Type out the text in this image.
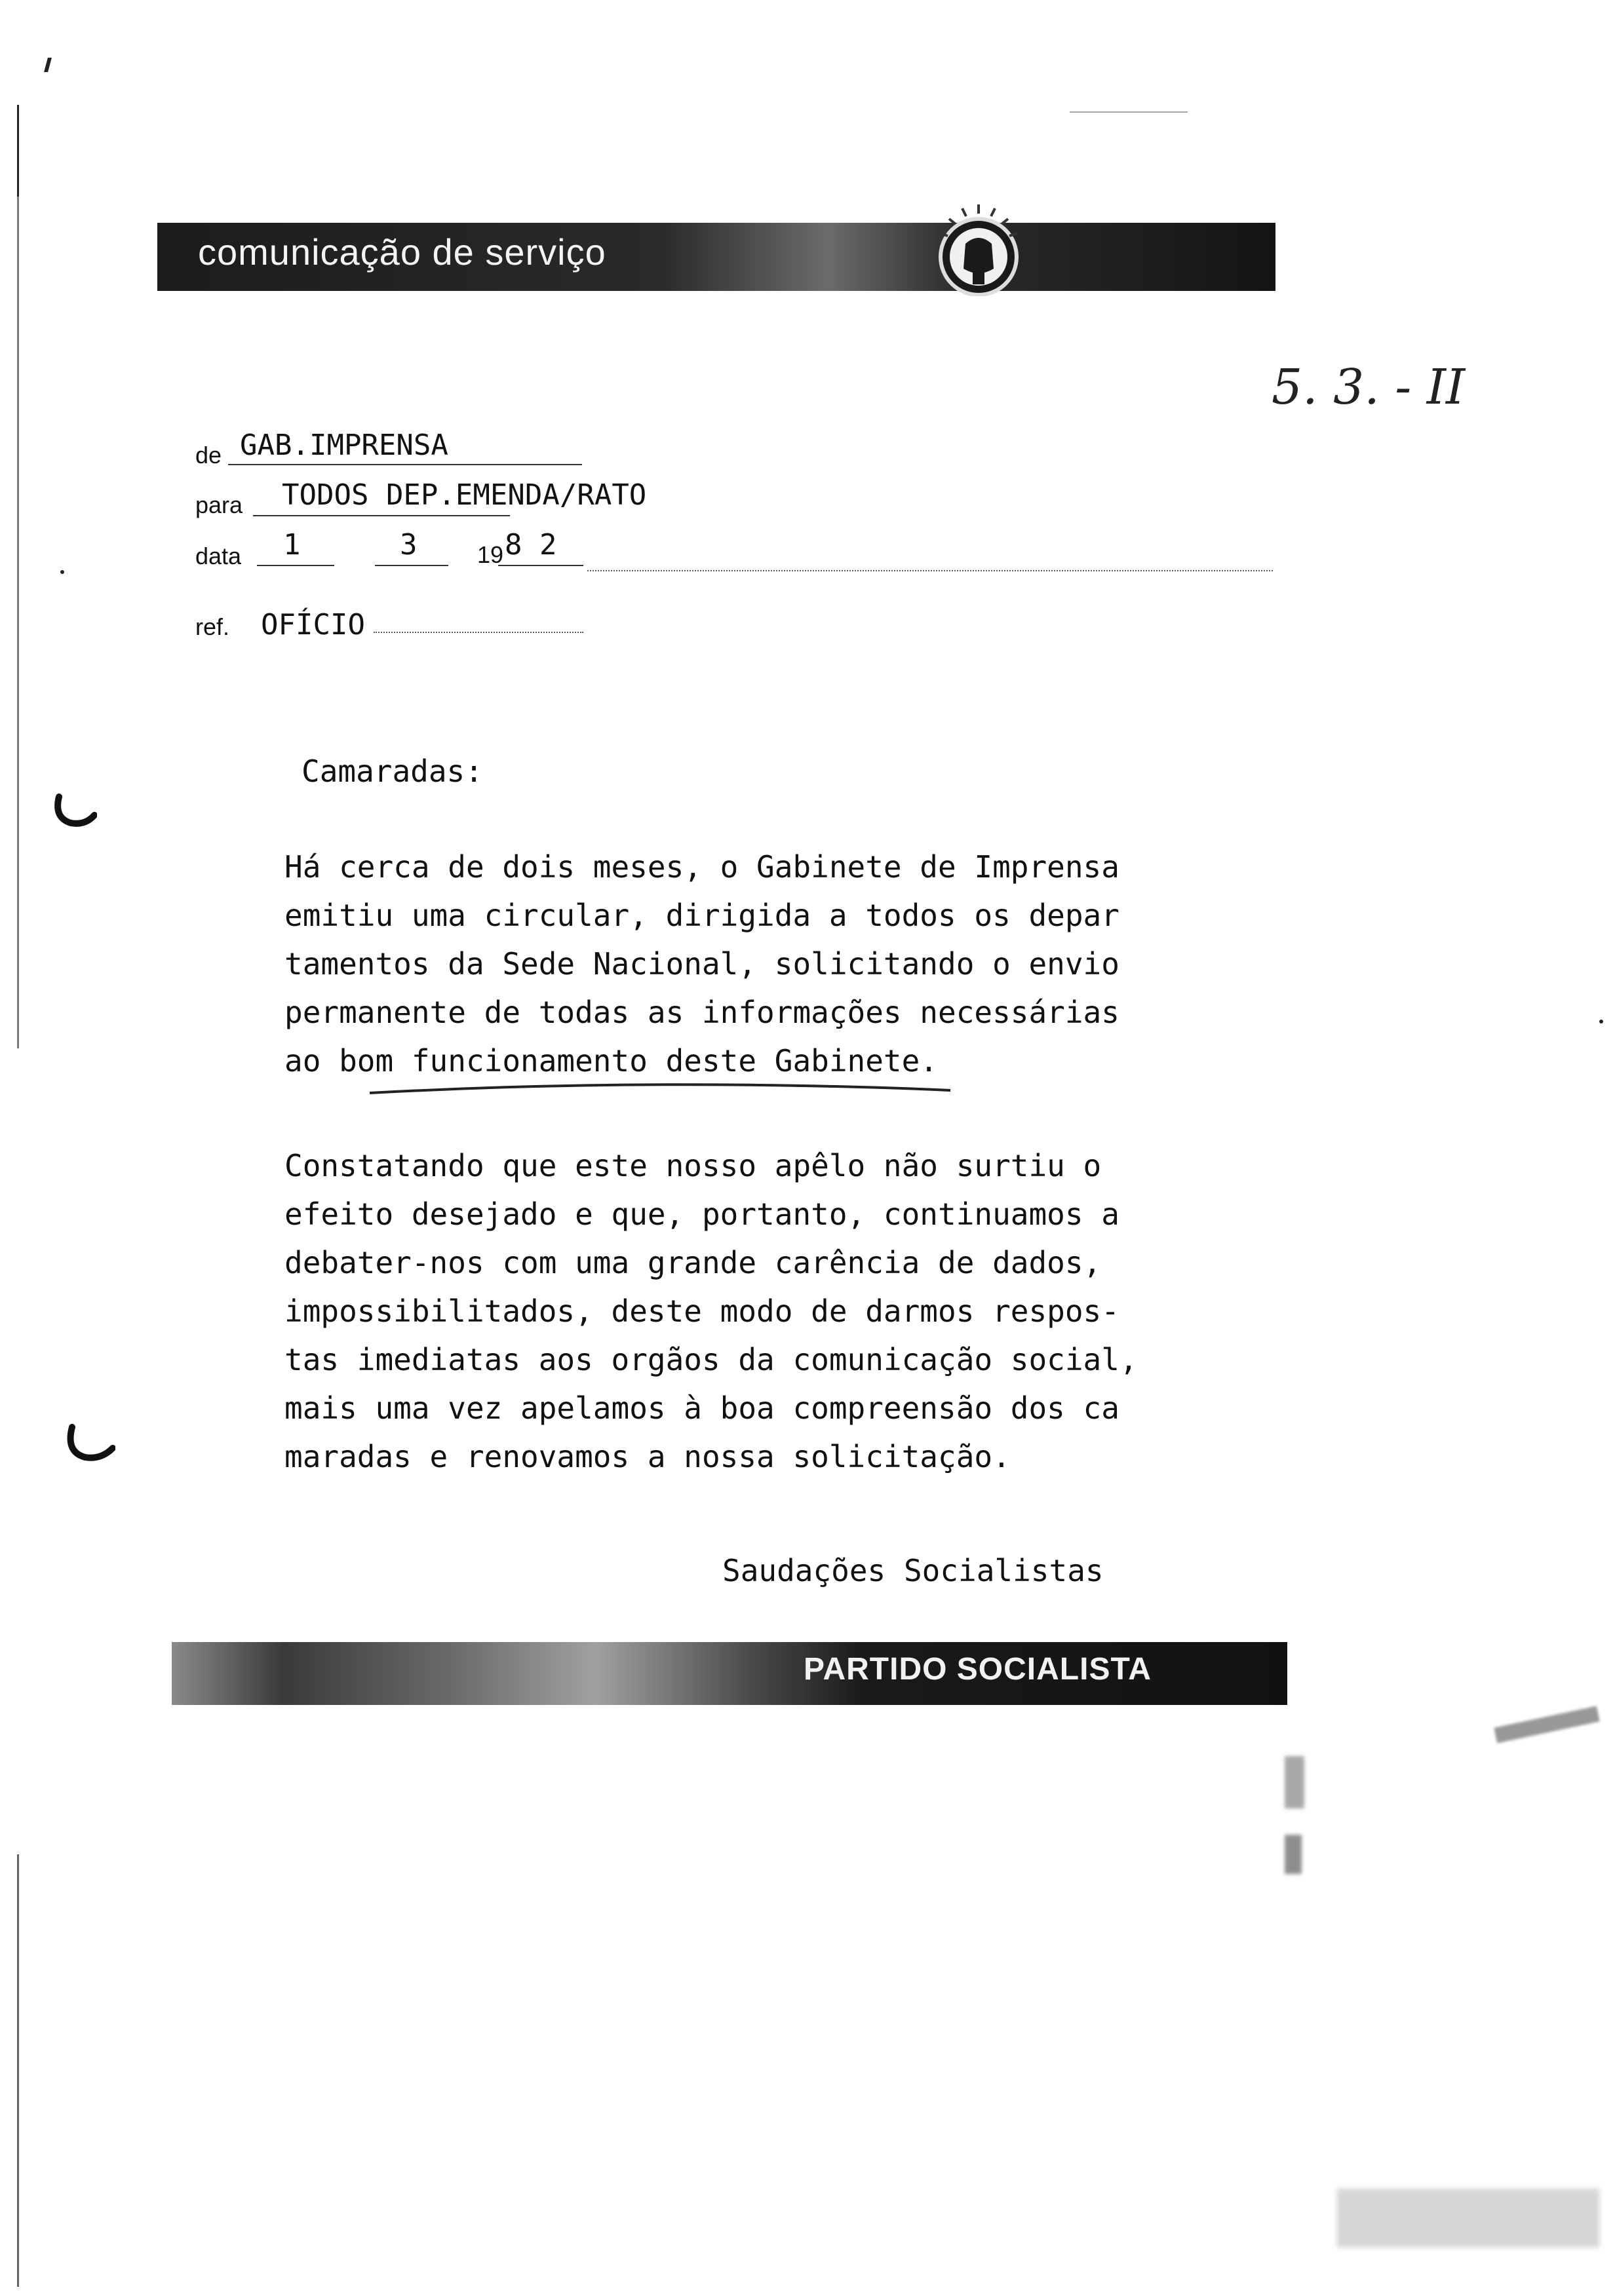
comunicação de serviço
5. 3. - II
de GAB.IMPRENSA
para TODOS DEP.EMENDA/RATO
data 1	3	19 8 2
ref. OFÍCIO
Camaradas:
Há cerca de dois meses, o Gabinete de Imprensa
emitiu uma circular, dirigida a todos os depar
tamentos da Sede Nacional, solicitando o envio
permanente de todas as informações necessárias
ao bom funcionamento deste Gabinete.
Constatando que este nosso apêlo não surtiu o
efeito desejado e que, portanto, continuamos a
debater-nos com uma grande carência de dados,
impossibilitados, deste modo de darmos respos-
tas imediatas aos orgãos da comunicação social,
mais uma vez apelamos à boa compreensão dos ca
maradas e renovamos a nossa solicitação.
Saudações Socialistas
PARTIDO SOCIALISTA
